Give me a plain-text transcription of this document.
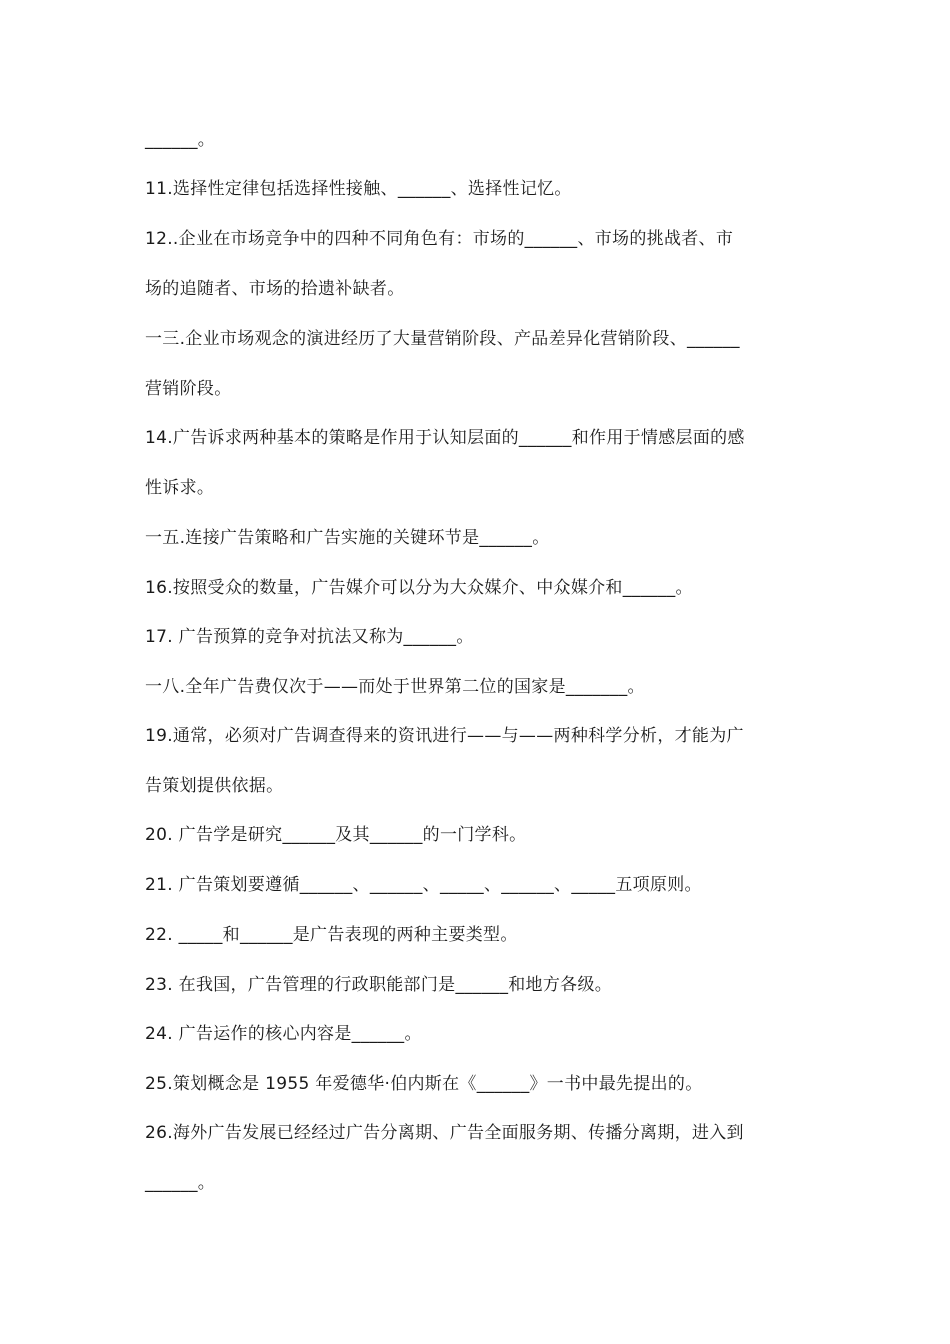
______。
11.选择性定律包括选择性接触、______、选择性记忆。
12..企业在市场竞争中的四种不同角色有：市场的______、市场的挑战者、市
场的追随者、市场的拾遗补缺者。
一三.企业市场观念的演进经历了大量营销阶段、产品差异化营销阶段、______
营销阶段。
14.广告诉求两种基本的策略是作用于认知层面的______和作用于情感层面的感
性诉求。
一五.连接广告策略和广告实施的关键环节是______。
16.按照受众的数量，广告媒介可以分为大众媒介、中众媒介和______。
17. 广告预算的竞争对抗法又称为______。
一八.全年广告费仅次于——而处于世界第二位的国家是_______。
19.通常，必须对广告调查得来的资讯进行——与——两种科学分析，才能为广
告策划提供依据。
20. 广告学是研究______及其______的一门学科。
21. 广告策划要遵循______、______、_____、______、_____五项原则。
22. _____和______是广告表现的两种主要类型。
23. 在我国，广告管理的行政职能部门是______和地方各级。
24. 广告运作的核心内容是______。
25.策划概念是 1955 年爱德华·伯内斯在《______》一书中最先提出的。
26.海外广告发展已经经过广告分离期、广告全面服务期、传播分离期，进入到
______。
